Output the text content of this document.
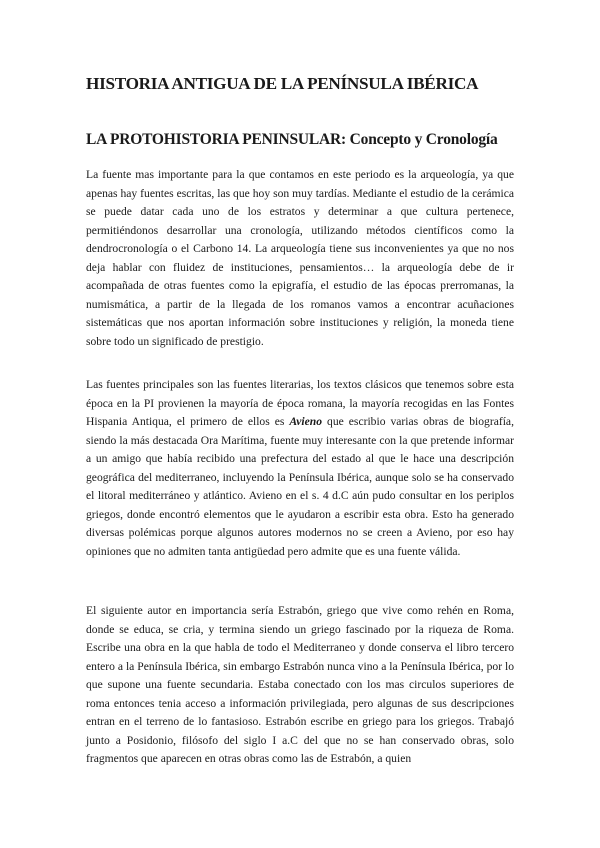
HISTORIA ANTIGUA DE LA PENÍNSULA IBÉRICA
LA PROTOHISTORIA PENINSULAR: Concepto y Cronología

La fuente mas importante para la que contamos en este periodo es la arqueología, ya que apenas hay fuentes escritas, las que hoy son muy tardías. Mediante el estudio de la cerámica se puede datar cada uno de los estratos y determinar a que cultura pertenece, permitiéndonos desarrollar una cronología, utilizando métodos científicos como la dendrocronología o el Carbono 14. La arqueología tiene sus inconvenientes ya que no nos deja hablar con fluidez de instituciones, pensamientos… la arqueología debe de ir acompañada de otras fuentes como la epigrafía, el estudio de las épocas prerromanas, la numismática, a partir de la llegada de los romanos vamos a encontrar acuñaciones sistemáticas que nos aportan información sobre instituciones y religión, la moneda tiene sobre todo un significado de prestigio.

Las fuentes principales son las fuentes literarias, los textos clásicos que tenemos sobre esta época en la PI provienen la mayoría de época romana, la mayoría recogidas en las Fontes Hispania Antiqua, el primero de ellos es Avieno que escribio varias obras de biografía, siendo la más destacada Ora Marítima, fuente muy interesante con la que pretende informar a un amigo que había recibido una prefectura del estado al que le hace una descripción geográfica del mediterraneo, incluyendo la Península Ibérica, aunque solo se ha conservado el litoral mediterráneo y atlántico. Avieno en el s. 4 d.C aún pudo consultar en los periplos griegos, donde encontró elementos que le ayudaron a escribir esta obra. Esto ha generado diversas polémicas porque algunos autores modernos no se creen a Avieno, por eso hay opiniones que no admiten tanta antigüedad pero admite que es una fuente válida.

El siguiente autor en importancia sería Estrabón, griego que vive como rehén en Roma, donde se educa, se cria, y termina siendo un griego fascinado por la riqueza de Roma. Escribe una obra en la que habla de todo el Mediterraneo y donde conserva el libro tercero entero a la Península Ibérica, sin embargo Estrabón nunca vino a la Península Ibérica, por lo que supone una fuente secundaria. Estaba conectado con los mas circulos superiores de roma entonces tenia acceso a información privilegiada, pero algunas de sus descripciones entran en el terreno de lo fantasioso. Estrabón escribe en griego para los griegos. Trabajó junto a Posidonio, filósofo del siglo I a.C del que no se han conservado obras, solo fragmentos que aparecen en otras obras como las de Estrabón, a quien
